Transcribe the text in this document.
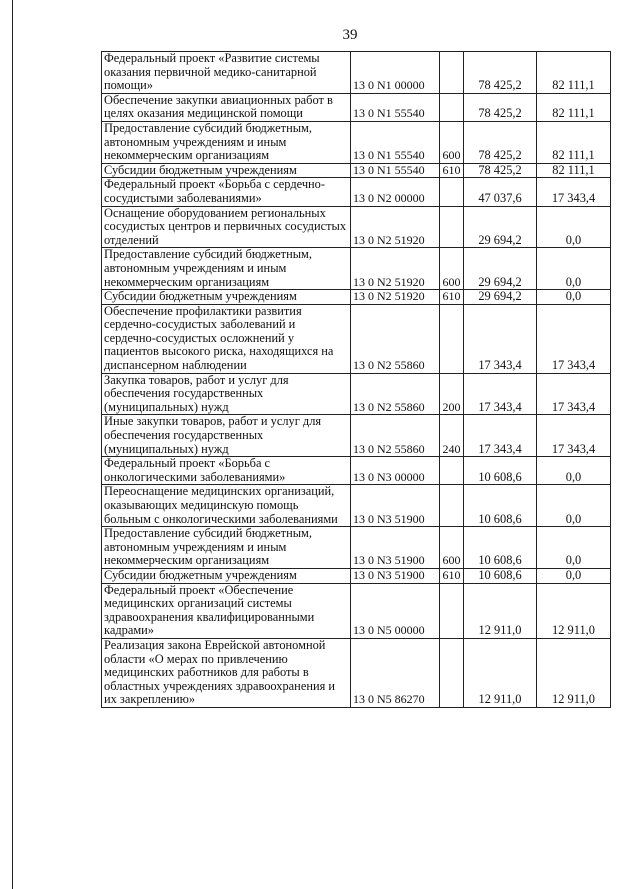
39
Федеральный проект «Развитие системы оказания первичной медико-санитарной помощи»	13 0 N1 00000		78 425,2	82 111,1
Обеспечение закупки авиационных работ в целях оказания медицинской помощи	13 0 N1 55540		78 425,2	82 111,1
Предоставление субсидий бюджетным, автономным учреждениям и иным некоммерческим организациям	13 0 N1 55540	600	78 425,2	82 111,1
Субсидии бюджетным учреждениям	13 0 N1 55540	610	78 425,2	82 111,1
Федеральный проект «Борьба с сердечно-сосудистыми заболеваниями»	13 0 N2 00000		47 037,6	17 343,4
Оснащение оборудованием региональных сосудистых центров и первичных сосудистых отделений	13 0 N2 51920		29 694,2	0,0
Предоставление субсидий бюджетным, автономным учреждениям и иным некоммерческим организациям	13 0 N2 51920	600	29 694,2	0,0
Субсидии бюджетным учреждениям	13 0 N2 51920	610	29 694,2	0,0
Обеспечение профилактики развития сердечно-сосудистых заболеваний и сердечно-сосудистых осложнений у пациентов высокого риска, находящихся на диспансерном наблюдении	13 0 N2 55860		17 343,4	17 343,4
Закупка товаров, работ и услуг для обеспечения государственных (муниципальных) нужд	13 0 N2 55860	200	17 343,4	17 343,4
Иные закупки товаров, работ и услуг для обеспечения государственных (муниципальных) нужд	13 0 N2 55860	240	17 343,4	17 343,4
Федеральный проект «Борьба с онкологическими заболеваниями»	13 0 N3 00000		10 608,6	0,0
Переоснащение медицинских организаций, оказывающих медицинскую помощь больным с онкологическими заболеваниями	13 0 N3 51900		10 608,6	0,0
Предоставление субсидий бюджетным, автономным учреждениям и иным некоммерческим организациям	13 0 N3 51900	600	10 608,6	0,0
Субсидии бюджетным учреждениям	13 0 N3 51900	610	10 608,6	0,0
Федеральный проект «Обеспечение медицинских организаций системы здравоохранения квалифицированными кадрами»	13 0 N5 00000		12 911,0	12 911,0
Реализация закона Еврейской автономной области «О мерах по привлечению медицинских работников для работы в областных учреждениях здравоохранения и их закреплению»	13 0 N5 86270		12 911,0	12 911,0
